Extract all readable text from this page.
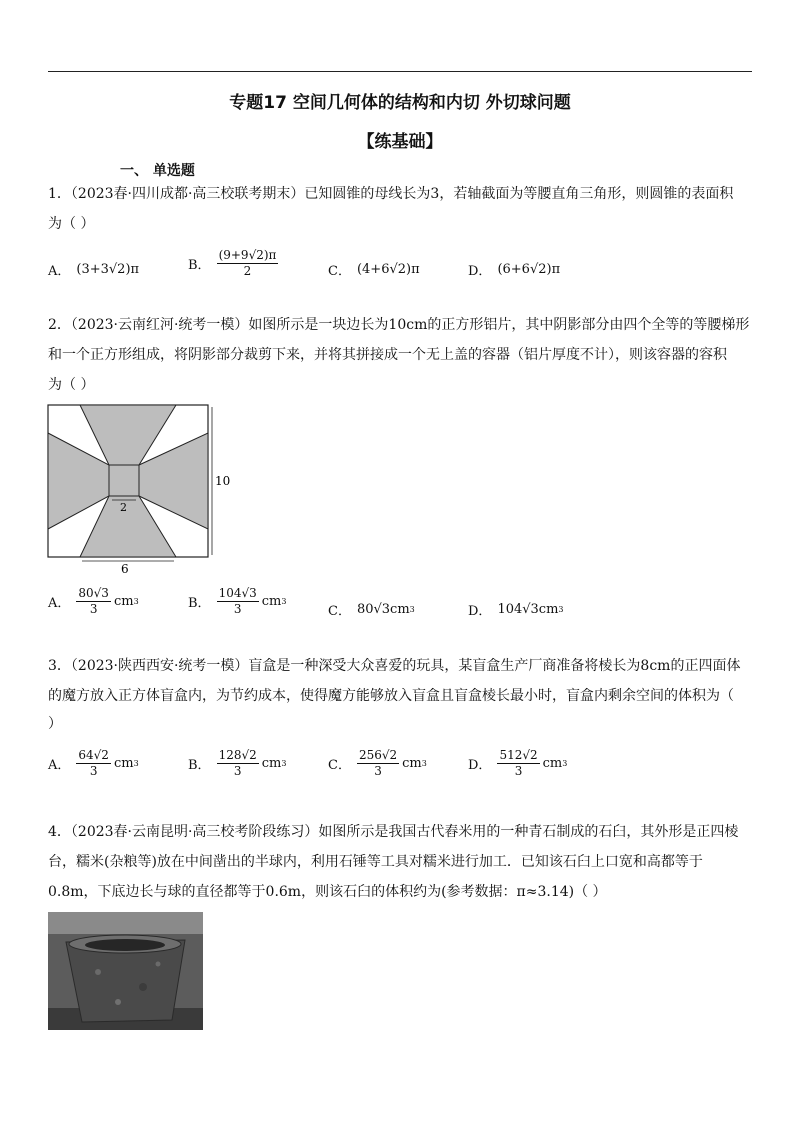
专题17 空间几何体的结构和内切 外切球问题
【练基础】
一、 单选题
1．（2023春·四川成都·高三校联考期末）已知圆锥的母线长为3，若轴截面为等腰直角三角形，则圆锥的表面积
为（ ）
A． (3+3√2)π	B． $\frac{(9+9√2)\pi}{2}$	C． (4+6√2)π	D． (6+6√2)π
2．（2023·云南红河·统考一模）如图所示是一块边长为10cm的正方形铝片，其中阴影部分由四个全等的等腰梯形
和一个正方形组成，将阴影部分裁剪下来，并将其拼接成一个无上盖的容器（铝片厚度不计），则该容器的容积
为（ ）
10
2
6
A． $\frac{80√3}{3}$ cm 3	B． $\frac{104√3}{3}$ cm 3
C． 80√3cm 3	D． 104√3cm 3
3．（2023·陕西西安·统考一模）盲盒是一种深受大众喜爱的玩具，某盲盒生产厂商准备将棱长为8cm的正四面体
的魔方放入正方体盲盒内，为节约成本，使得魔方能够放入盲盒且盲盒棱长最小时，盲盒内剩余空间的体积为（
）
A． $\frac{64√2}{3}$ cm 3	B． $\frac{128√2}{3}$ cm 3	C． $\frac{256√2}{3}$ cm 3	D． $\frac{512√2}{3}$ cm 3
4．（2023春·云南昆明·高三校考阶段练习）如图所示是我国古代舂米用的一种青石制成的石臼，其外形是正四棱
台，糯米(杂粮等)放在中间凿出的半球内，利用石锤等工具对糯米进行加工．已知该石臼上口宽和高都等于
0.8m，下底边长与球的直径都等于0.6m，则该石臼的体积约为(参考数据：π≈3.14)（ ）
